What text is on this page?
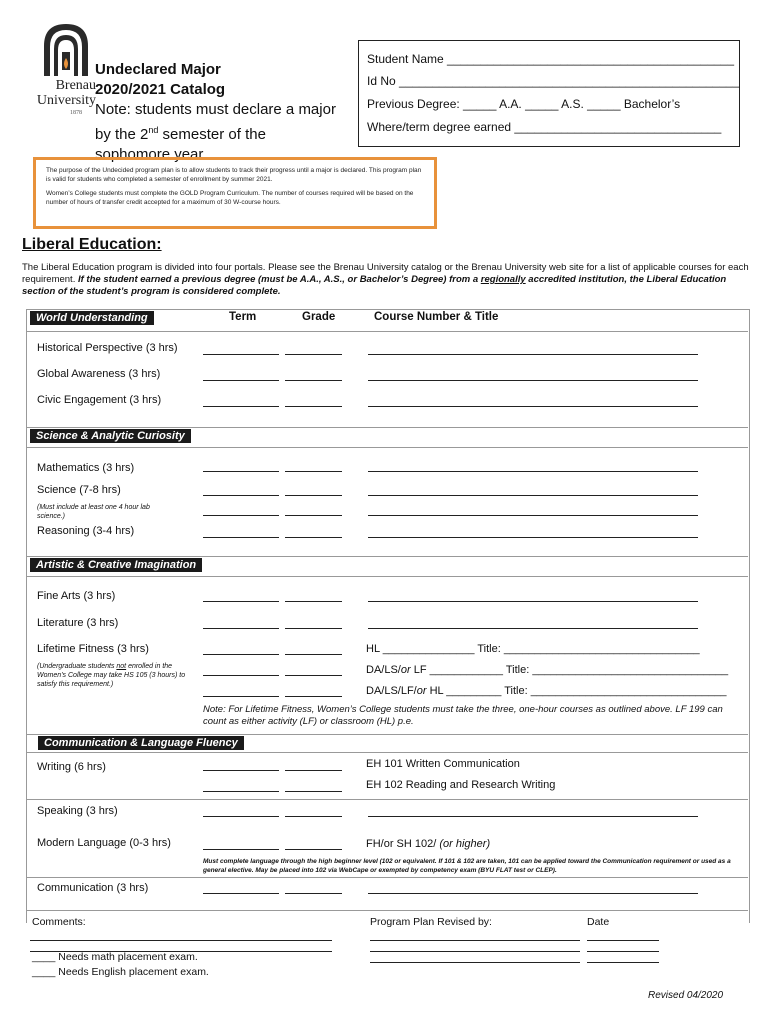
Brenau
University
1878
Undeclared Major
2020/2021 Catalog
Note: students must declare a major
by the 2nd semester of the
sophomore year.
Student Name ___________________________________________
Id No ___________________________________________________
Previous Degree: _____ A.A. _____ A.S. _____ Bachelor’s
Where/term degree earned _______________________________
The purpose of the Undecided program plan is to allow students to track their progress until a major is declared. This program plan is valid for students who completed a semester of enrollment by summer 2021.
Women’s College students must complete the GOLD Program Curriculum. The number of courses required will be based on the number of hours of transfer credit accepted for a maximum of 30 W-course hours.
Liberal Education:
The Liberal Education program is divided into four portals. Please see the Brenau University catalog or the Brenau University web site for a list of applicable courses for each requirement. If the student earned a previous degree (must be A.A., A.S., or Bachelor’s Degree) from a regionally accredited institution, the Liberal Education section of the student’s program is considered complete.
World Understanding	Term	Grade	Course Number & Title
Historical Perspective (3 hrs)
Global Awareness (3 hrs)
Civic Engagement (3 hrs)
Science & Analytic Curiosity
Mathematics (3 hrs)
Science (7-8 hrs)
(Must include at least one 4 hour lab science.)
Reasoning (3-4 hrs)
Artistic & Creative Imagination
Fine Arts (3 hrs)
Literature (3 hrs)
Lifetime Fitness (3 hrs)	HL _______________ Title: ________________________________
(Undergraduate students not enrolled in the Women’s College may take HS 105 (3 hours) to satisfy this requirement.)
DA/LS/or LF ____________ Title: ________________________________
DA/LS/LF/or HL _________ Title: ________________________________
Note: For Lifetime Fitness, Women’s College students must take the three, one-hour courses as outlined above. LF 199 can count as either activity (LF) or classroom (HL) p.e.
Communication & Language Fluency
Writing (6 hrs)	EH 101 Written Communication
EH 102 Reading and Research Writing
Speaking (3 hrs)
Modern Language (0-3 hrs)	FH/or SH 102/ (or higher)
Must complete language through the high beginner level (102 or equivalent. If 101 & 102 are taken, 101 can be applied toward the Communication requirement or used as a general elective. May be placed into 102 via WebCape or exempted by competency exam (BYU FLAT test or CLEP).
Communication (3 hrs)
Comments:
____ Needs math placement exam.
____ Needs English placement exam.
Program Plan Revised by:	Date
Revised 04/2020
